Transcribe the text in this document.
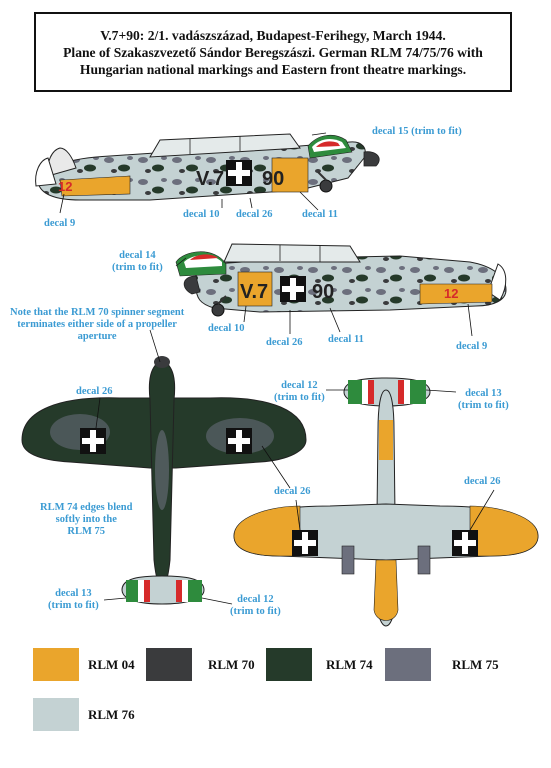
V.7+90: 2/1. vadászszázad, Budapest-Ferihegy, March 1944.
Plane of Szakaszvezető Sándor Beregszászi. German RLM 74/75/76 with
Hungarian national markings and Eastern front theatre markings.
12	V.7 90
12
V.7 90
decal 15 (trim to fit)
decal 9
decal 10 decal 26	decal 11
decal 14
(trim to fit)
decal 10
decal 26 decal 11
decal 9
Note that the RLM 70 spinner segment
terminates either side of a propeller
aperture
decal 26
decal 12
(trim to fit)	decal 13
(trim to fit)
decal 26
decal 26
RLM 74 edges blend
softly into the
RLM 75
decal 13
(trim to fit)
decal 12
(trim to fit)
RLM 04	RLM 70	RLM 74	RLM 75
RLM 76
